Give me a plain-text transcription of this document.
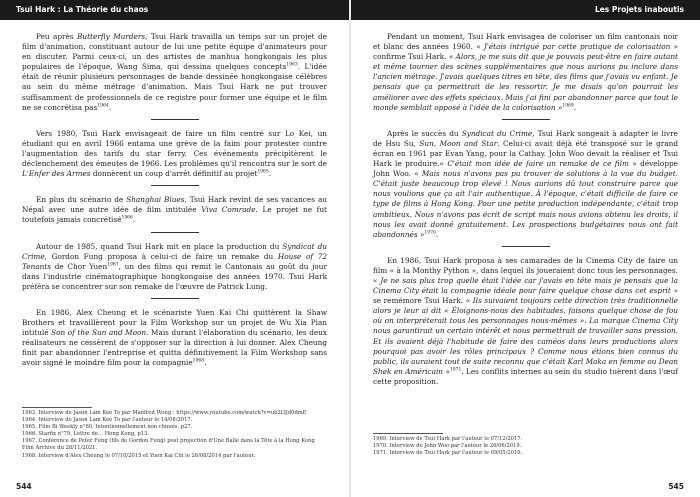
Tsui Hark : La Théorie du chaos

Peu après Butterfly Murders, Tsui Hark travailla un temps sur un projet de film d'animation, constituant autour de lui une petite équipe d'animateurs pour en discuter. Parmi ceux-ci, un des artistes de manhua hongkongais les plus populaires de l'époque, Wang Sima, qui dessina quelques concepts$^{1963}$. L'idée était de réunir plusieurs personnages de bande dessinée hongkongaise célèbres au sein du même métrage d'animation. Mais Tsui Hark ne put trouver suffisamment de professionnels de ce registre pour former une équipe et le film ne se concrétisa pas$^{1964}$.

Vers 1980, Tsui Hark envisageait de faire un film centré sur Lo Kei, un étudiant qui en avril 1966 entama une grève de la faim pour protester contre l'augmentation des tarifs du star ferry. Ces événements précipitèrent le déclenchement des émeutes de 1966. Les problèmes qu'il rencontra sur le sort de L'Enfer des Armes donnèrent un coup d'arrêt définitif au projet$^{1965}$.

En plus du scénario de Shanghai Blues, Tsui Hark revint de ses vacances au Népal avec une autre idée de film intitulée Viva Comrade. Le projet ne fut toutefois jamais concrétisé$^{1966}$.

Autour de 1985, quand Tsui Hark mit en place la production du Syndicat du Crime, Gordon Fung proposa à celui-ci de faire un remake du House of 72 Tenants de Chor Yuen$^{1967}$, un des films qui remit le Cantonais au goût du jour dans l'industrie cinématographique hongkongaise des années 1970. Tsui Hark préféra se concentrer sur son remake de l'œuvre de Patrick Lung.

En 1986, Alex Cheung et le scénariste Yuen Kai Chi quittèrent la Shaw Brothers et travaillèrent pour la Film Workshop sur un projet de Wu Xia Pian intitulé Son of the Sun and Moon. Mais durant l'élaboration du scénario, les deux réalisateurs ne cessèrent de s'opposer sur la direction à lui donner. Alex Cheung finit par abandonner l'entreprise et quitta définitivement la Film Workshop sans avoir signé le moindre film pour la compagnie$^{1968}$.

1963. Interview de Jason Lam Kee To par Manfred Wong : https://www.youtube.com/watch?v=ub2l3Jd0dmE
1964. Interview de Jason Lam Kee To par l'auteur le 14/08/2017.
1965. Film Bi Weekly n°60, Intentionnellement non chinois, p27.
1966. Starfix n°79, Lettre de… Hong Kong, p13.
1967. Conférence de Peter Fung (fils de Gordon Fung) post projection d'Une Balle dans la Tête à la Hong Kong Film Archive du 28/11/2021.
1968. Interview d'Alex Cheung le 07/10/2015 et Yuen Kai Chi le 26/08/2014 par l'auteur.
544
Les Projets inaboutis

Pendant un moment, Tsui Hark envisagea de coloriser un film cantonais noir et blanc des années 1960. « J'étais intrigué par cette pratique de colorisation » confirme Tsui Hark. « Alors, je me suis dit que je pouvais peut-être en faire autant et même tourner des scènes supplémentaires que nous aurions pu inclure dans l'ancien métrage. J'avais quelques titres en tête, des films que j'avais vu enfant. Je pensais que ça permettrait de les ressortir. Je me disais qu'on pourrait les améliorer avec des effets spéciaux. Mais j'ai fini par abandonner parce que tout le monde semblait opposé à l'idée de la colorisation »$^{1969}$.

Après le succès du Syndicat du Crime, Tsui Hark songeait à adapter le livre de Hsu Su, Sun, Moon and Star. Celui-ci avait déjà été transposé sur le grand écran en 1961 par Evan Yang, pour la Cathay. John Woo devait la réaliser et Tsui Hark le produire.« C'était mon idée de faire un remake de ce film » développe John Woo. « Mais nous n'avons pas pu trouver de solutions à la vue du budget. C'était juste beaucoup trop élevé ! Nous aurions dû tout construire parce que nous voulions que ça ait l'air authentique. À l'époque, c'était difficile de faire ce type de films à Hong Kong. Pour une petite production indépendante, c'était trop ambitieux. Nous n'avons pas écrit de script mais nous avions obtenu les droits, il nous les avait donné gratuitement. Les prospections budgétaires nous ont fait abandonnés »$^{1970}$.

En 1986, Tsui Hark proposa à ses camarades de la Cinema City de faire un film « à la Monthy Python », dans lequel ils joueraient donc tous les personnages. « Je ne sais plus trop quelle était l'idée car j'avais en tête mais je pensais que la Cinema City était la compagnie idéale pour faire quelque chose dans cet esprit » se remémore Tsui Hark. « Ils suivaient toujours cette direction très traditionnelle alors je leur ai dit « Éloignons-nous des habitudes, faisons quelque chose de fou où on interpréterait tous les personnages nous-mêmes ». La marque Cinema City nous garantirait un certain intérêt et nous permettrait de travailler sans pression. Et ils avaient déjà l'habitude de faire des caméos dans leurs productions alors pourquoi pas avoir les rôles principaux ? Comme nous étions bien connus du public, ils auraient tout de suite reconnu que c'était Karl Maka en femme ou Dean Shek en Américain »$^{1971}$. Les conflits internes au sein du studio tuèrent dans l'œuf cette proposition.

1969. Interview de Tsui Hark par l'auteur le 07/12/2017.
1970. Interview de John Woo par l'auteur le 26/06/2019.
1971. Interview de Tsui Hark par l'auteur le 09/05/2019.
545
